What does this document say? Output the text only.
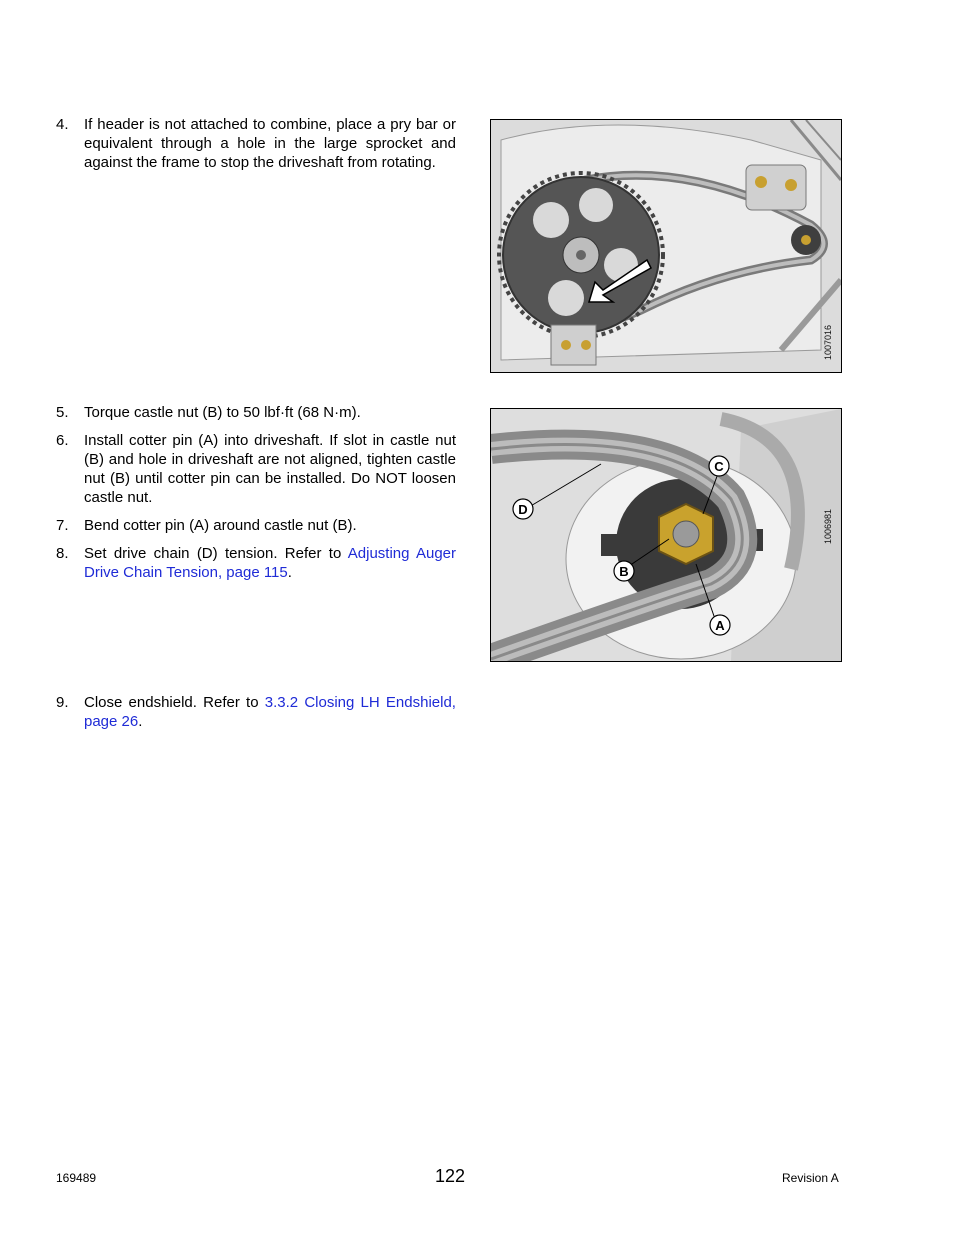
4. If header is not attached to combine, place a pry bar or equivalent through a hole in the large sprocket and against the frame to stop the driveshaft from rotating.
1007016
5. Torque castle nut (B) to 50 lbf·ft (68 N·m).
6. Install cotter pin (A) into driveshaft. If slot in castle nut (B) and hole in driveshaft are not aligned, tighten castle nut (B) until cotter pin can be installed. Do NOT loosen castle nut.
7. Bend cotter pin (A) around castle nut (B).
8. Set drive chain (D) tension. Refer to Adjusting Auger Drive Chain Tension, page 115.
C
D
B
A
1006981
9. Close endshield. Refer to 3.3.2 Closing LH Endshield, page 26.
169489	122	Revision A
